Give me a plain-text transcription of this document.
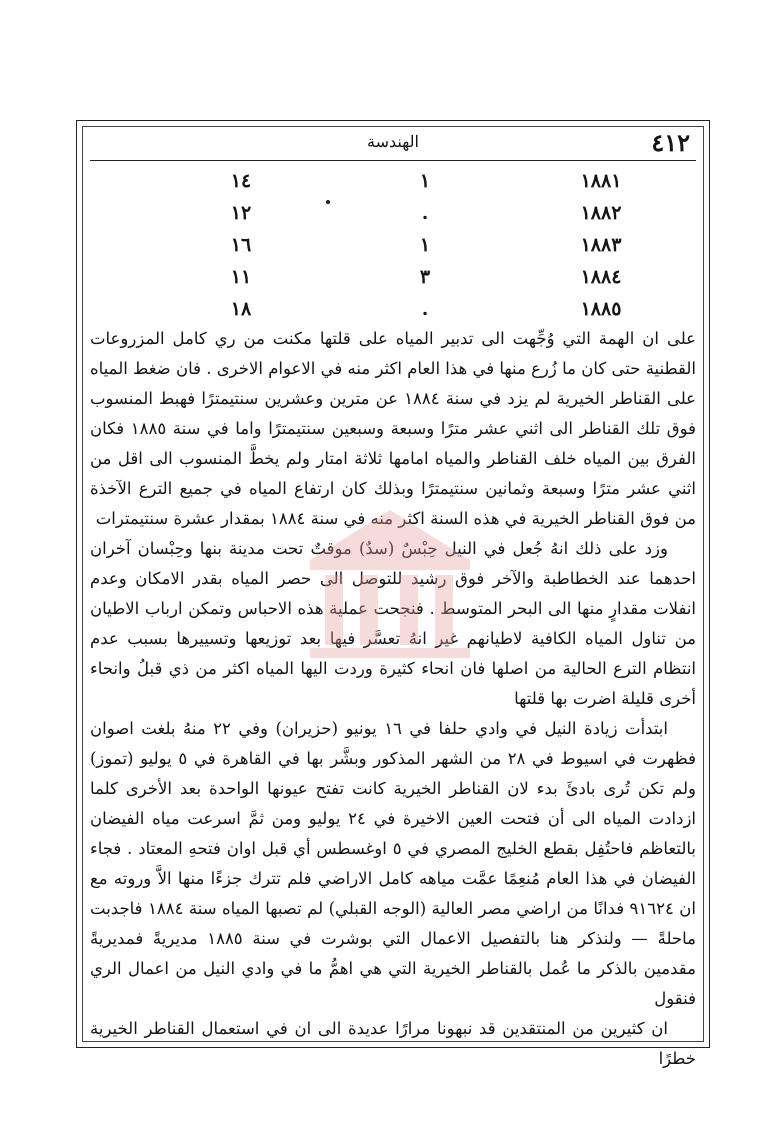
٤١٢
الهندسة
١٨٨١
١
١٤
١٨٨٢
.
١٢
١٨٨٣
١
١٦
١٨٨٤
٣
١١
١٨٨٥
.
١٨

على ان الهمة التي وُجِّهت الى تدبير المياه على قلتها مكنت من ري كامل المزروعات القطنية حتى كان ما زُرع منها في هذا العام اكثر منه في الاعوام الاخرى . فان ضغط المياه على القناطر الخيرية لم يزد في سنة ١٨٨٤ عن مترين وعشرين سنتيمترًا فهبط المنسوب فوق تلك القناطر الى اثني عشر مترًا وسبعة وسبعين سنتيمترًا واما في سنة ١٨٨٥ فكان الفرق بين المياه خلف القناطر والمياه امامها ثلاثة امتار ولم يخطَّ المنسوب الى اقل من اثني عشر مترًا وسبعة وثمانين سنتيمترًا وبذلك كان ارتفاع المياه في جميع الترع الآخذة من فوق القناطر الخيرية في هذه السنة اكثر منه في سنة ١٨٨٤ بمقدار عشرة سنتيمترات

وزد على ذلك انهُ جُعل في النيل حِبْسٌ (سدٌ) موقتٌ تحت مدينة بنها وحِبْسان آخران احدهما عند الخطاطبة والآخر فوق رشيد للتوصل الى حصر المياه بقدر الامكان وعدم انفلات مقدارٍ منها الى البحر المتوسط . فنجحت عملية هذه الاحباس وتمكن ارباب الاطيان من تناول المياه الكافية لاطيانهم غير انهُ تعسَّر فيها بعد توزيعها وتسييرها بسبب عدم انتظام الترع الحالية من اصلها فان انحاء كثيرة وردت اليها المياه اكثر من ذي قبلُ وانحاء أخرى قليلة اضرت بها قلتها

ابتدأت زيادة النيل في وادي حلفا في ١٦ يونيو (حزيران) وفي ٢٢ منهُ بلغت اصوان فظهرت في اسيوط في ٢٨ من الشهر المذكور وبشَّر بها في القاهرة في ٥ يوليو (تموز) ولم تكن تُرى بادئَ بدء لان القناطر الخيرية كانت تفتح عيونها الواحدة بعد الأخرى كلما ازدادت المياه الى أن فتحت العين الاخيرة في ٢٤ يوليو ومن ثمَّ اسرعت مياه الفيضان بالتعاظم فاحتُفِل بقطع الخليج المصري في ٥ اوغسطس أي قبل اوان فتحهِ المعتاد . فجاء الفيضان في هذا العام مُنعِمًا عمَّت مياهه كامل الاراضي فلم تترك جزءًا منها الاَّ وروته مع ان ٩١٦٢٤ فدانًا من اراضي مصر العالية (الوجه القبلي) لم تصبها المياه سنة ١٨٨٤ فاجدبت ماحلةً — ولنذكر هنا بالتفصيل الاعمال التي بوشرت في سنة ١٨٨٥ مديريةً فمديريةً مقدمين بالذكر ما عُمل بالقناطر الخيرية التي هي اهمُّ ما في وادي النيل من اعمال الري فنقول

ان كثيرين من المنتقدين قد نبهونا مرارًا عديدة الى ان في استعمال القناطر الخيرية خطرًا
